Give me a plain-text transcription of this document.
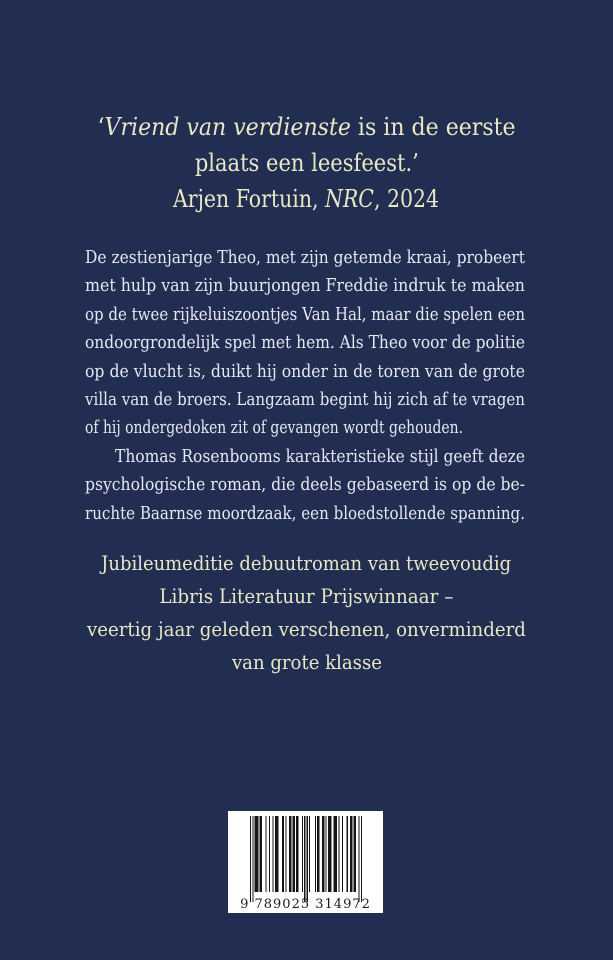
‘Vriend van verdienste is in de eerste
plaats een leesfeest.’
Arjen Fortuin, NRC, 2024
De zestienjarige Theo, met zijn getemde kraai, probeert
met hulp van zijn buurjongen Freddie indruk te maken
op de twee rijkeluiszoontjes Van Hal, maar die spelen een
ondoorgrondelijk spel met hem. Als Theo voor de politie
op de vlucht is, duikt hij onder in de toren van de grote
villa van de broers. Langzaam begint hij zich af te vragen
of hij ondergedoken zit of gevangen wordt gehouden.
Thomas Rosenbooms karakteristieke stijl geeft deze
psychologische roman, die deels gebaseerd is op de be-
ruchte Baarnse moordzaak, een bloedstollende spanning.
Jubileumeditie debuutroman van tweevoudig
Libris Literatuur Prijswinnaar –
veertig jaar geleden verschenen, onverminderd
van grote klasse
9 789025 314972
